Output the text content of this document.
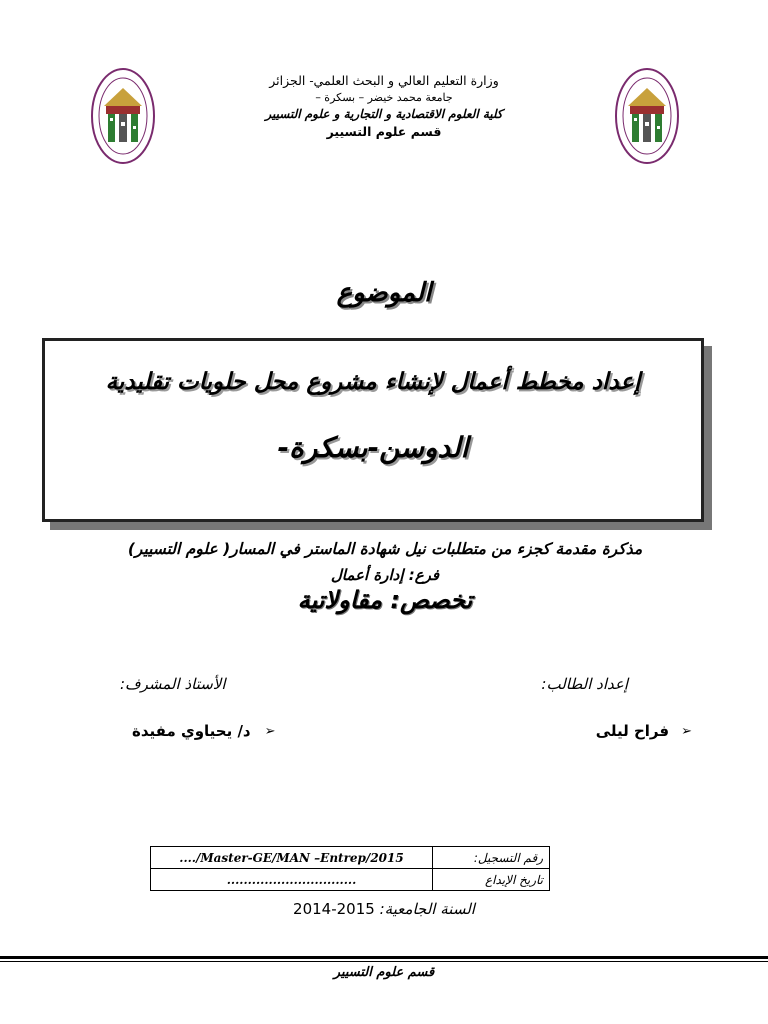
وزارة التعليم العالي و البحث العلمي- الجزائر
جامعة محمد خيضر – بسكرة –
كلية العلوم الاقتصادية و التجارية و علوم التسيير
قسم علوم التسيير
الموضوع
إعداد مخطط أعمال لإنشاء مشروع محل حلويات تقليدية
الدوسن-بسكرة-
مذكرة مقدمة كجزء من متطلبات نيل شهادة الماستر في المسار( علوم التسيير)
فرع: إدارة أعمال
تخصص: مقاولاتية
إعداد الطالب:
الأستاذ المشرف:
➢
فراح ليلى
➢
د/ يحياوي مفيدة
..../Master-GE/MAN –Entrep/2015	رقم التسجيل:
...............................	تاريخ الإيداع
السنة الجامعية: 2014-2015
قسم علوم التسيير
